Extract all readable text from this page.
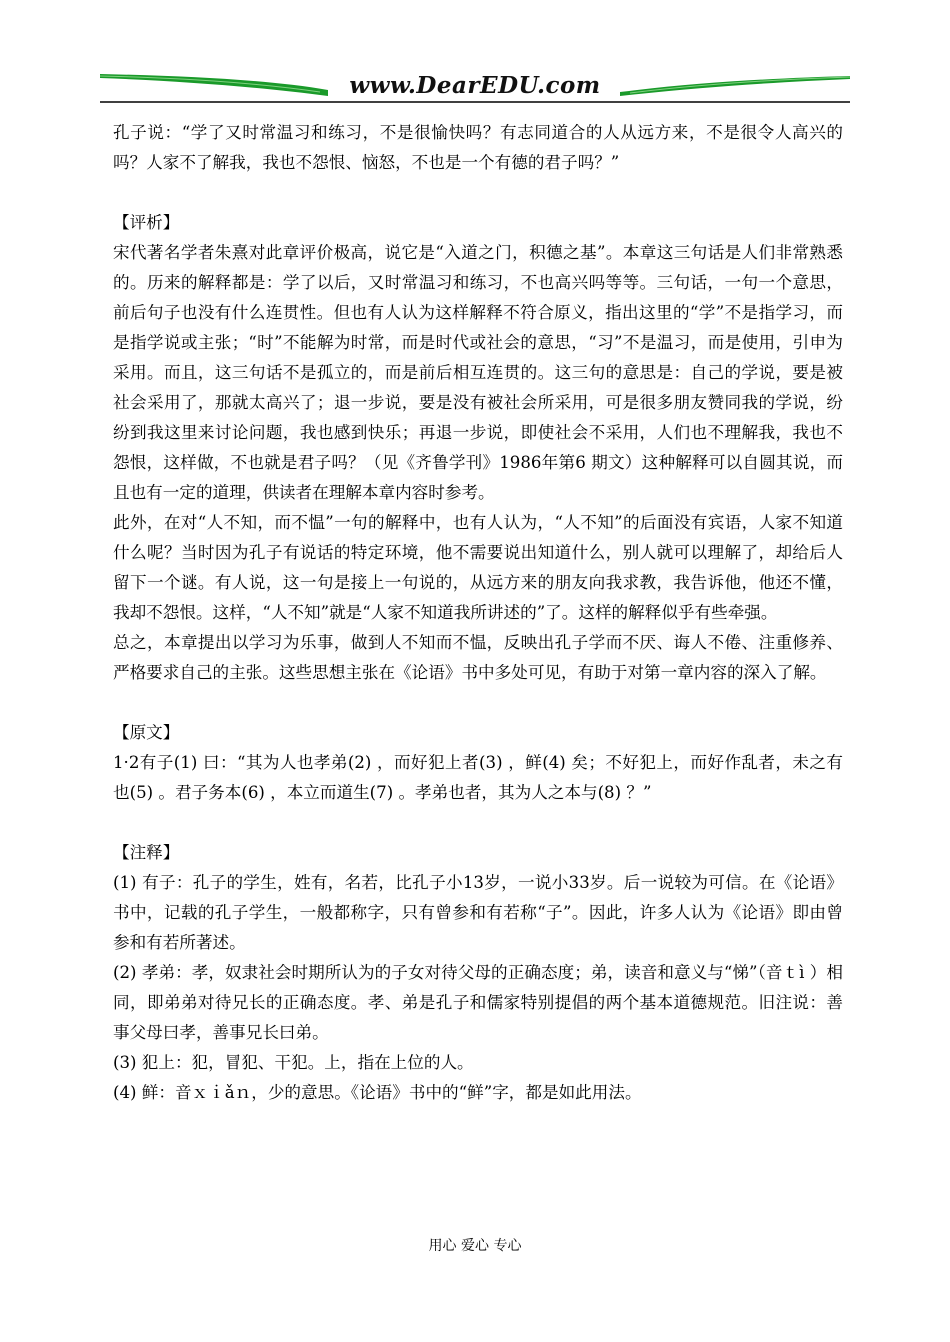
www.DearEDU.com

孔子说：“学了又时常温习和练习，不是很愉快吗？有志同道合的人从远方来，不是很令人高兴的吗？人家不了解我，我也不怨恨、恼怒，不也是一个有德的君子吗？”

【评析】

宋代著名学者朱熹对此章评价极高，说它是“入道之门，积德之基”。本章这三句话是人们非常熟悉的。历来的解释都是：学了以后，又时常温习和练习，不也高兴吗等等。三句话，一句一个意思，前后句子也没有什么连贯性。但也有人认为这样解释不符合原义，指出这里的“学”不是指学习，而是指学说或主张；“时”不能解为时常，而是时代或社会的意思，“习”不是温习，而是使用，引申为采用。而且，这三句话不是孤立的，而是前后相互连贯的。这三句的意思是：自己的学说，要是被社会采用了，那就太高兴了；退一步说，要是没有被社会所采用，可是很多朋友赞同我的学说，纷纷到我这里来讨论问题，我也感到快乐；再退一步说，即使社会不采用，人们也不理解我，我也不怨恨，这样做，不也就是君子吗？（见《齐鲁学刊》1986年第6 期文）这种解释可以自圆其说，而且也有一定的道理，供读者在理解本章内容时参考。

此外，在对“人不知，而不愠”一句的解释中，也有人认为，“人不知”的后面没有宾语，人家不知道什么呢？当时因为孔子有说话的特定环境，他不需要说出知道什么，别人就可以理解了，却给后人留下一个谜。有人说，这一句是接上一句说的，从远方来的朋友向我求教，我告诉他，他还不懂，我却不怨恨。这样，“人不知”就是“人家不知道我所讲述的”了。这样的解释似乎有些牵强。

总之，本章提出以学习为乐事，做到人不知而不愠，反映出孔子学而不厌、诲人不倦、注重修养、严格要求自己的主张。这些思想主张在《论语》书中多处可见，有助于对第一章内容的深入了解。

【原文】

1·2有子(1) 曰：“其为人也孝弟(2) ，而好犯上者(3) ，鲜(4) 矣；不好犯上，而好作乱者，未之有也(5) 。君子务本(6) ，本立而道生(7) 。孝弟也者，其为人之本与(8) ？”

【注释】

(1) 有子：孔子的学生，姓有，名若，比孔子小13岁，一说小33岁。后一说较为可信。在《论语》书中，记载的孔子学生，一般都称字，只有曾参和有若称“子”。因此，许多人认为《论语》即由曾参和有若所著述。

(2) 孝弟：孝，奴隶社会时期所认为的子女对待父母的正确态度；弟，读音和意义与“悌”（音ｔì ）相同，即弟弟对待兄长的正确态度。孝、弟是孔子和儒家特别提倡的两个基本道德规范。旧注说：善事父母曰孝，善事兄长曰弟。

(3) 犯上：犯，冒犯、干犯。上，指在上位的人。

(4) 鲜：音ｘｉǎｎ，少的意思。《论语》书中的“鲜”字，都是如此用法。

用心 爱心 专心
